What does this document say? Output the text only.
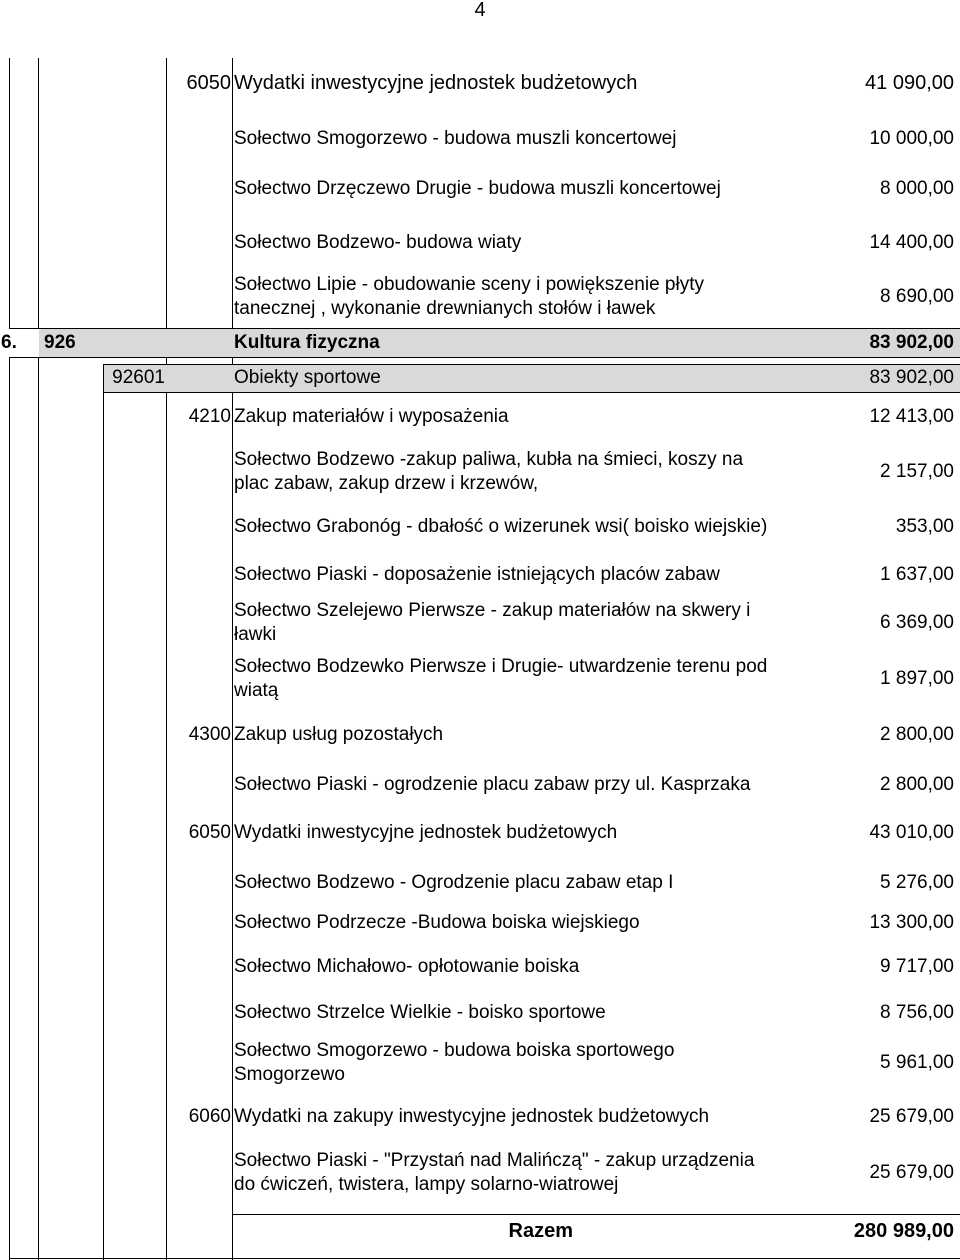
4
6050 Wydatki inwestycyjne jednostek budżetowych	41 090,00
Sołectwo Smogorzewo - budowa muszli koncertowej	10 000,00
Sołectwo Drzęczewo Drugie - budowa muszli koncertowej	8 000,00
Sołectwo Bodzewo- budowa wiaty	14 400,00
Sołectwo Lipie - obudowanie sceny i powiększenie płyty tanecznej , wykonanie drewnianych stołów i ławek
8 690,00
6.	926	Kultura fizyczna	83 902,00
92601	Obiekty sportowe	83 902,00
4210 Zakup materiałów i wyposażenia	12 413,00
Sołectwo Bodzewo -zakup paliwa, kubła na śmieci, koszy na plac zabaw, zakup drzew i krzewów,
2 157,00
Sołectwo Grabonóg - dbałość o wizerunek wsi( boisko wiejskie)	353,00
Sołectwo Piaski - doposażenie istniejących placów zabaw	1 637,00
Sołectwo Szelejewo Pierwsze - zakup materiałów na skwery i ławki
6 369,00
Sołectwo Bodzewko Pierwsze i Drugie- utwardzenie terenu pod wiatą
1 897,00
4300 Zakup usług pozostałych	2 800,00
Sołectwo Piaski - ogrodzenie placu zabaw przy ul. Kasprzaka	2 800,00
6050 Wydatki inwestycyjne jednostek budżetowych	43 010,00
Sołectwo Bodzewo - Ogrodzenie placu zabaw etap I	5 276,00
Sołectwo Podrzecze -Budowa boiska wiejskiego	13 300,00
Sołectwo Michałowo- opłotowanie boiska	9 717,00
Sołectwo Strzelce Wielkie - boisko sportowe	8 756,00
Sołectwo Smogorzewo - budowa boiska sportowego Smogorzewo
5 961,00
6060 Wydatki na zakupy inwestycyjne jednostek budżetowych	25 679,00
Sołectwo Piaski - "Przystań nad Malińczą" - zakup urządzenia do ćwiczeń, twistera, lampy solarno-wiatrowej
25 679,00
Razem	280 989,00
